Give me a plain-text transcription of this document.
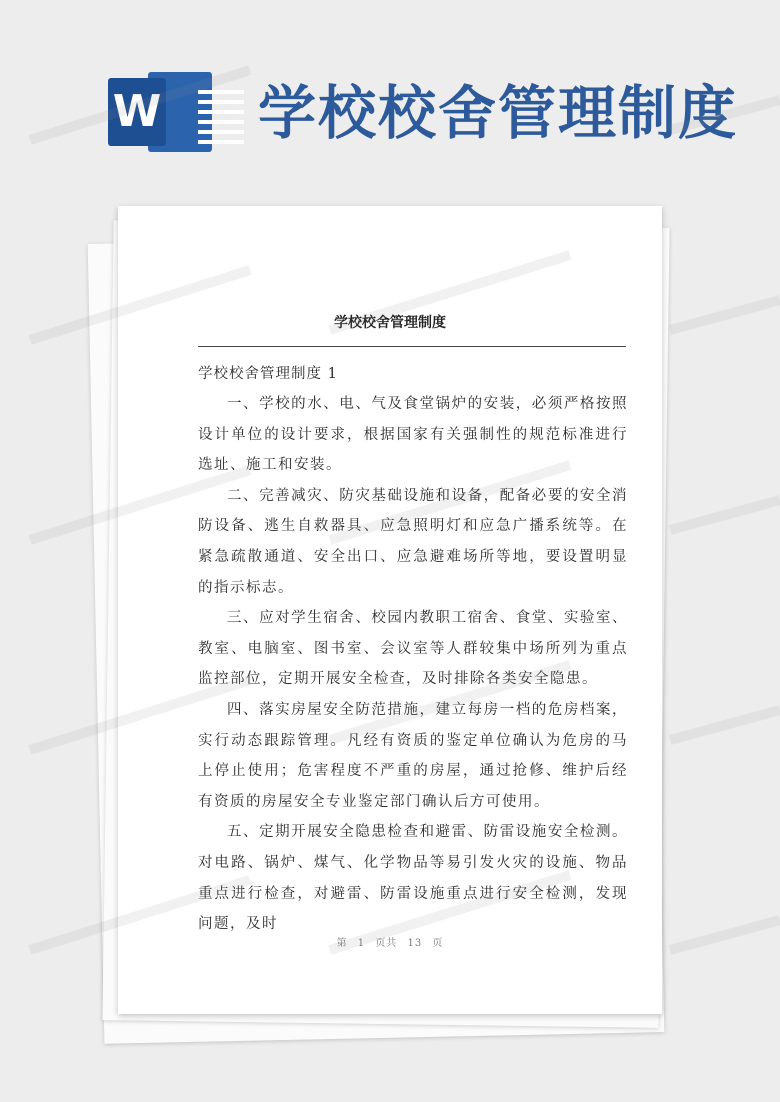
W 学校校舍管理制度
学校校舍管理制度

学校校舍管理制度 1

一、学校的水、电、气及食堂锅炉的安装，必须严格按照设计单位的设计要求，根据国家有关强制性的规范标准进行选址、施工和安装。

二、完善减灾、防灾基础设施和设备，配备必要的安全消防设备、逃生自救器具、应急照明灯和应急广播系统等。在紧急疏散通道、安全出口、应急避难场所等地，要设置明显的指示标志。

三、应对学生宿舍、校园内教职工宿舍、食堂、实验室、教室、电脑室、图书室、会议室等人群较集中场所列为重点监控部位，定期开展安全检查，及时排除各类安全隐患。

四、落实房屋安全防范措施，建立每房一档的危房档案，实行动态跟踪管理。凡经有资质的鉴定单位确认为危房的马上停止使用；危害程度不严重的房屋，通过抢修、维护后经有资质的房屋安全专业鉴定部门确认后方可使用。

五、定期开展安全隐患检查和避雷、防雷设施安全检测。对电路、锅炉、煤气、化学物品等易引发火灾的设施、物品重点进行检查，对避雷、防雷设施重点进行安全检测，发现问题，及时

第 1 页共 13 页
